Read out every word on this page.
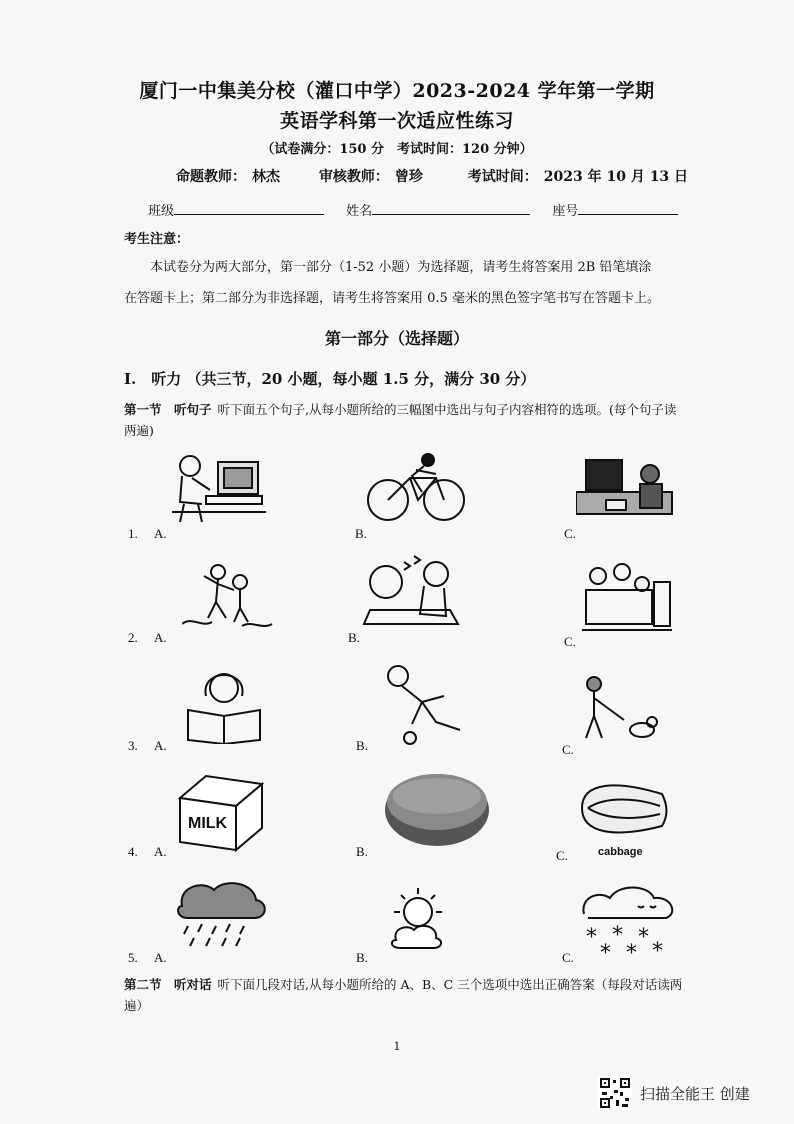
厦门一中集美分校（灌口中学）2023-2024 学年第一学期
英语学科第一次适应性练习
（试卷满分：150 分　考试时间：120 分钟）
命题教师： 林杰	审核教师： 曾珍	考试时间： 2023 年 10 月 13 日
班级	姓名	座号
考生注意：
本试卷分为两大部分，第一部分（1-52 小题）为选择题，请考生将答案用 2B 铅笔填涂
在答题卡上；第二部分为非选择题，请考生将答案用 0.5 毫米的黑色签字笔书写在答题卡上。
第一部分（选择题）
I.　听力 （共三节，20 小题，每小题 1.5 分，满分 30 分）
第一节　听句子 听下面五个句子,从每小题所给的三幅图中选出与句子内容相符的选项。(每个句子读两遍)
1. A.	B.	C.
2. A.	B.	C.
3. A.	B.	C.
4. A.	B.	C.
MILK
cabbage
5. A.	B.	C.
* * *
* * *
第二节　听对话 听下面几段对话,从每小题所给的 A、B、C 三个选项中选出正确答案（每段对话读两遍）
1
扫描全能王 创建
